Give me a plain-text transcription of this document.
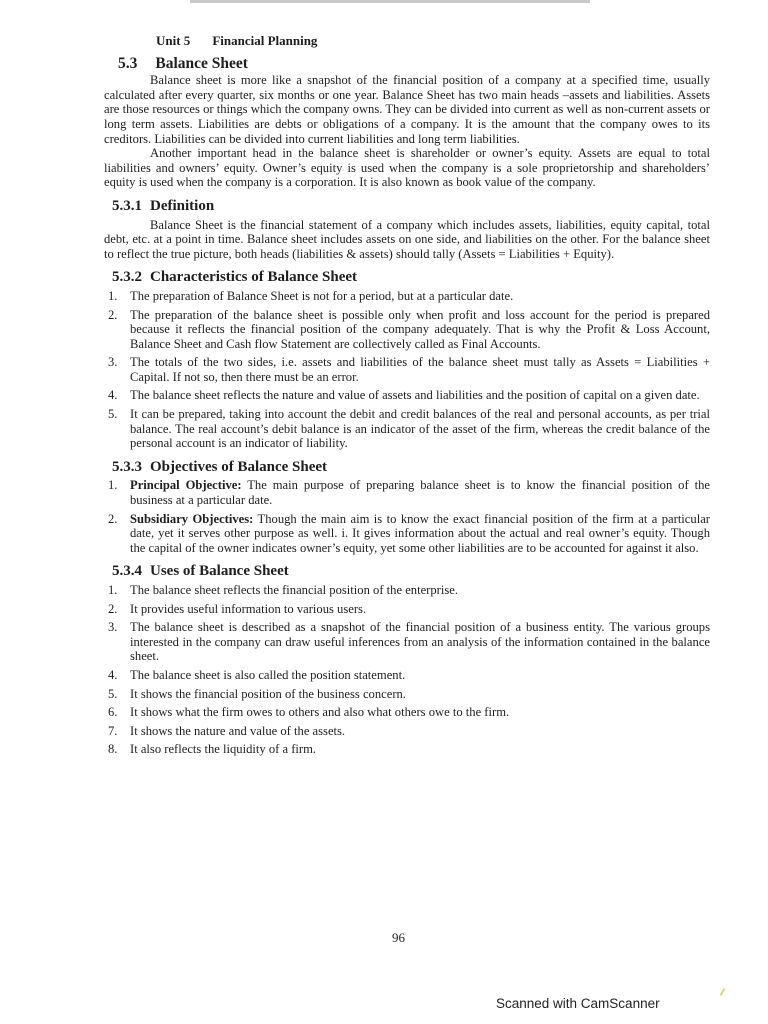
Unit 5 Financial Planning
5.3 Balance Sheet

Balance sheet is more like a snapshot of the financial position of a company at a specified time, usually calculated after every quarter, six months or one year. Balance Sheet has two main heads –assets and liabilities. Assets are those resources or things which the company owns. They can be divided into current as well as non-current assets or long term assets. Liabilities are debts or obligations of a company. It is the amount that the company owes to its creditors. Liabilities can be divided into current liabilities and long term liabilities.

Another important head in the balance sheet is shareholder or owner’s equity. Assets are equal to total liabilities and owners’ equity. Owner’s equity is used when the company is a sole proprietorship and shareholders’ equity is used when the company is a corporation. It is also known as book value of the company.

5.3.1 Definition

Balance Sheet is the financial statement of a company which includes assets, liabilities, equity capital, total debt, etc. at a point in time. Balance sheet includes assets on one side, and liabilities on the other. For the balance sheet to reflect the true picture, both heads (liabilities & assets) should tally (Assets = Liabilities + Equity).

5.3.2 Characteristics of Balance Sheet
1. The preparation of Balance Sheet is not for a period, but at a particular date.
2. The preparation of the balance sheet is possible only when profit and loss account for the period is prepared because it reflects the financial position of the company adequately. That is why the Profit & Loss Account, Balance Sheet and Cash flow Statement are collectively called as Final Accounts.
3. The totals of the two sides, i.e. assets and liabilities of the balance sheet must tally as Assets = Liabilities + Capital. If not so, then there must be an error.
4. The balance sheet reflects the nature and value of assets and liabilities and the position of capital on a given date.
5. It can be prepared, taking into account the debit and credit balances of the real and personal accounts, as per trial balance. The real account’s debit balance is an indicator of the asset of the firm, whereas the credit balance of the personal account is an indicator of liability.
5.3.3 Objectives of Balance Sheet
1. Principal Objective: The main purpose of preparing balance sheet is to know the financial position of the business at a particular date.
2. Subsidiary Objectives: Though the main aim is to know the exact financial position of the firm at a particular date, yet it serves other purpose as well. i. It gives information about the actual and real owner’s equity. Though the capital of the owner indicates owner’s equity, yet some other liabilities are to be accounted for against it also.
5.3.4 Uses of Balance Sheet
1. The balance sheet reflects the financial position of the enterprise.
2. It provides useful information to various users.
3. The balance sheet is described as a snapshot of the financial position of a business entity. The various groups interested in the company can draw useful inferences from an analysis of the information contained in the balance sheet.
4. The balance sheet is also called the position statement.
5. It shows the financial position of the business concern.
6. It shows what the firm owes to others and also what others owe to the firm.
7. It shows the nature and value of the assets.
8. It also reflects the liquidity of a firm.
96
Scanned with CamScanner
